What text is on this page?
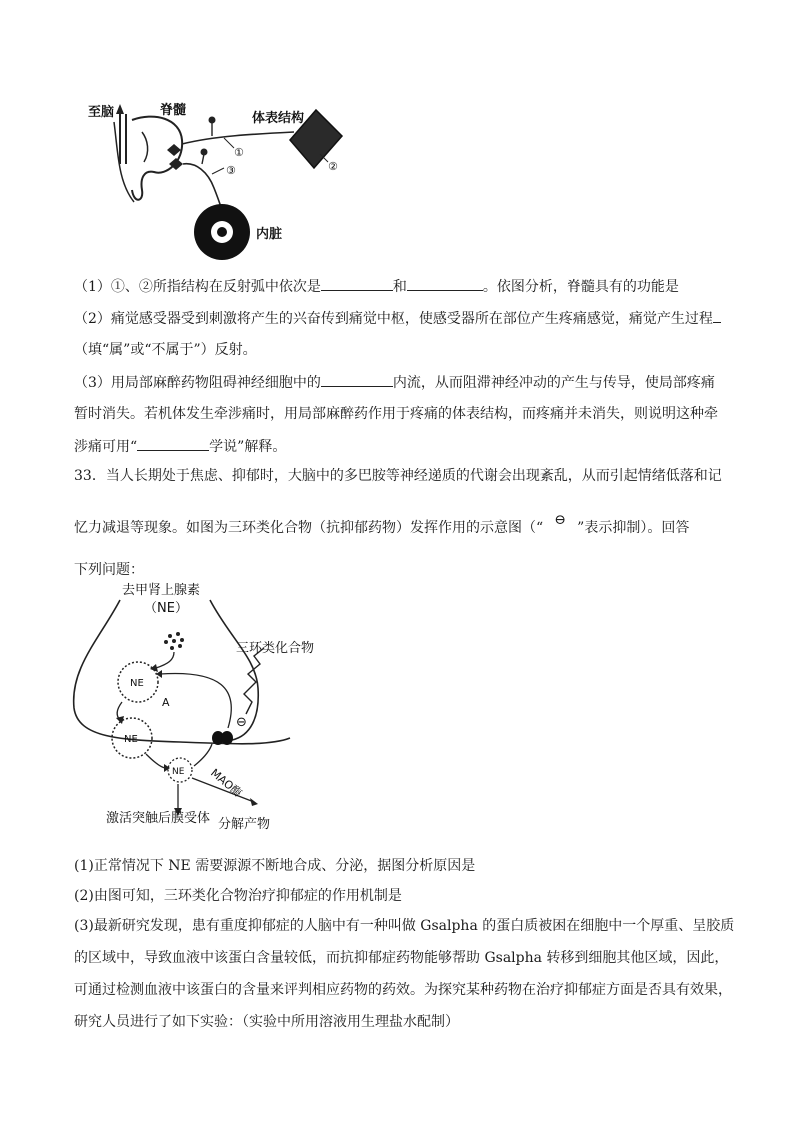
至脑	脊髓
①
体表结构
②
③
内脏
（1）①、②所指结构在反射弧中依次是	和	。依图分析，脊髓具有的功能是
（2）痛觉感受器受到刺激将产生的兴奋传到痛觉中枢，使感受器所在部位产生疼痛感觉，痛觉产生过程
（填“属”或“不属于”）反射。
（3）用局部麻醉药物阻碍神经细胞中的	内流，从而阻滞神经冲动的产生与传导，使局部疼痛
暂时消失。若机体发生牵涉痛时，用局部麻醉药作用于疼痛的体表结构，而疼痛并未消失，则说明这种牵
涉痛可用“	学说”解释。
33．当人长期处于焦虑、抑郁时，大脑中的多巴胺等神经递质的代谢会出现紊乱，从而引起情绪低落和记
忆力减退等现象。如图为三环类化合物（抗抑郁药物）发挥作用的示意图（“ ⊖ ”表示抑制）。回答
下列问题：
去甲肾上腺素
（NE）
NE
A
NE
⊖
三环类化合物
NE MAO酶
激活突触后膜受体 分解产物
(1)正常情况下 NE 需要源源不断地合成、分泌，据图分析原因是
(2)由图可知，三环类化合物治疗抑郁症的作用机制是
(3)最新研究发现，患有重度抑郁症的人脑中有一种叫做 Gsalpha 的蛋白质被困在细胞中一个厚重、呈胶质
的区域中，导致血液中该蛋白含量较低，而抗抑郁症药物能够帮助 Gsalpha 转移到细胞其他区域，因此，
可通过检测血液中该蛋白的含量来评判相应药物的药效。为探究某种药物在治疗抑郁症方面是否具有效果，
研究人员进行了如下实验：（实验中所用溶液用生理盐水配制）
